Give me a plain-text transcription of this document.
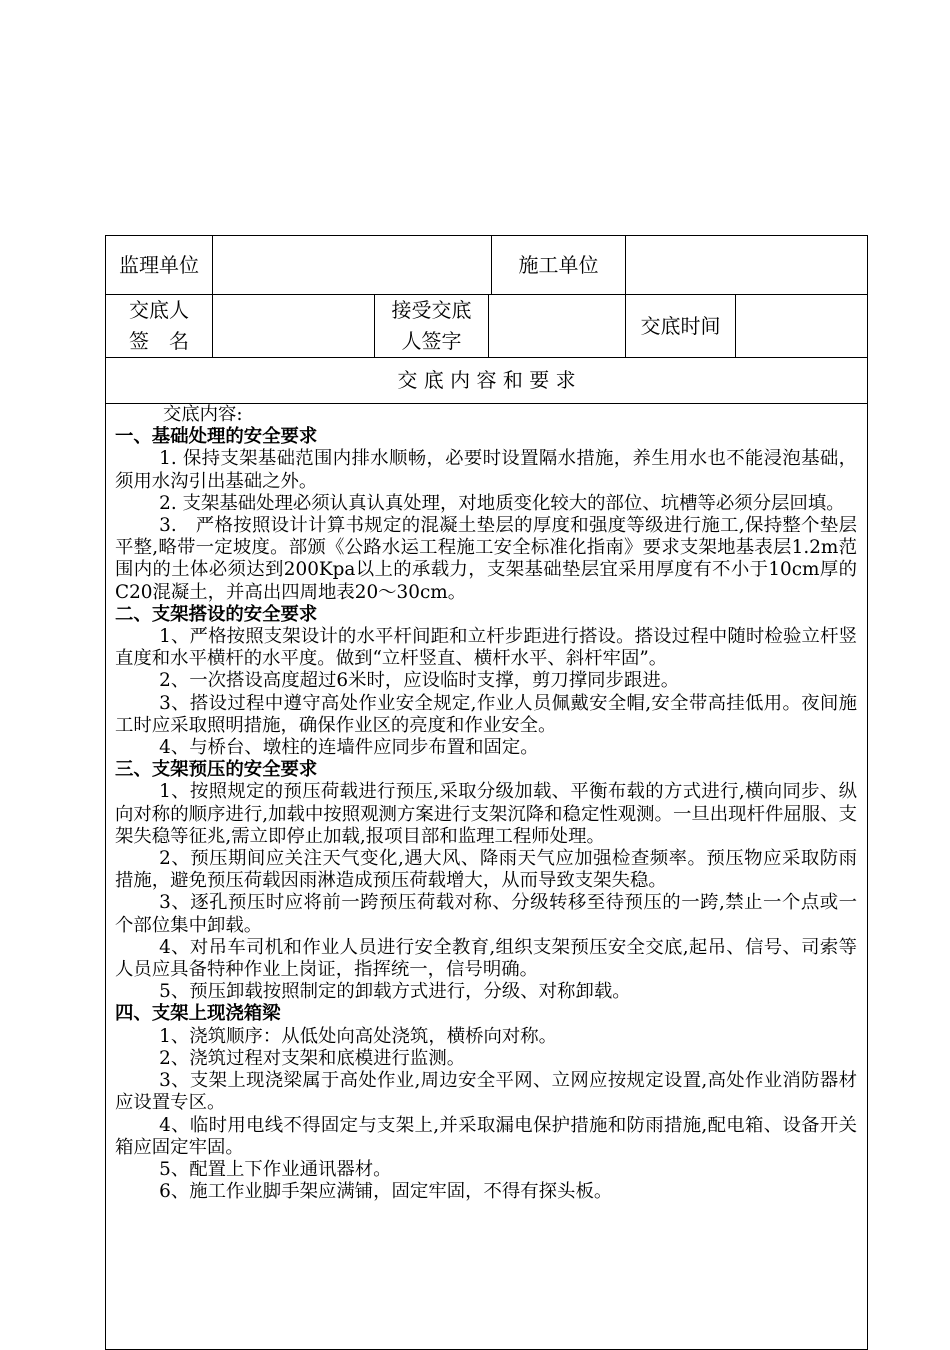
监理单位	施工单位
交底人
签　名
接受交底
人签字
交底时间
交 底 内 容 和 要 求

交底内容:

一、基础处理的安全要求

1. 保持支架基础范围内排水顺畅，必要时设置隔水措施，养生用水也不能浸泡基础，须用水沟引出基础之外。

2. 支架基础处理必须认真认真处理，对地质变化较大的部位、坑槽等必须分层回填。

3.　严格按照设计计算书规定的混凝土垫层的厚度和强度等级进行施工,保持整个垫层平整,略带一定坡度。部颁《公路水运工程施工安全标准化指南》要求支架地基表层1.2m范围内的土体必须达到200Kpa以上的承载力，支架基础垫层宜采用厚度有不小于10cm厚的C20混凝土，并高出四周地表20～30cm。

二、支架搭设的安全要求

1、严格按照支架设计的水平杆间距和立杆步距进行搭设。搭设过程中随时检验立杆竖直度和水平横杆的水平度。做到“立杆竖直、横杆水平、斜杆牢固”。

2、一次搭设高度超过6米时，应设临时支撑，剪刀撑同步跟进。

3、搭设过程中遵守高处作业安全规定,作业人员佩戴安全帽,安全带高挂低用。夜间施工时应采取照明措施，确保作业区的亮度和作业安全。

4、与桥台、墩柱的连墙件应同步布置和固定。

三、支架预压的安全要求

1、按照规定的预压荷载进行预压,采取分级加载、平衡布载的方式进行,横向同步、纵向对称的顺序进行,加载中按照观测方案进行支架沉降和稳定性观测。一旦出现杆件屈服、支架失稳等征兆,需立即停止加载,报项目部和监理工程师处理。

2、预压期间应关注天气变化,遇大风、降雨天气应加强检查频率。预压物应采取防雨措施，避免预压荷载因雨淋造成预压荷载增大，从而导致支架失稳。

3、逐孔预压时应将前一跨预压荷载对称、分级转移至待预压的一跨,禁止一个点或一个部位集中卸载。

4、对吊车司机和作业人员进行安全教育,组织支架预压安全交底,起吊、信号、司索等人员应具备特种作业上岗证，指挥统一，信号明确。

5、预压卸载按照制定的卸载方式进行，分级、对称卸载。

四、支架上现浇箱梁

1、浇筑顺序：从低处向高处浇筑，横桥向对称。

2、浇筑过程对支架和底模进行监测。

3、支架上现浇梁属于高处作业,周边安全平网、立网应按规定设置,高处作业消防器材应设置专区。

4、临时用电线不得固定与支架上,并采取漏电保护措施和防雨措施,配电箱、设备开关箱应固定牢固。

5、配置上下作业通讯器材。

6、施工作业脚手架应满铺，固定牢固，不得有探头板。
